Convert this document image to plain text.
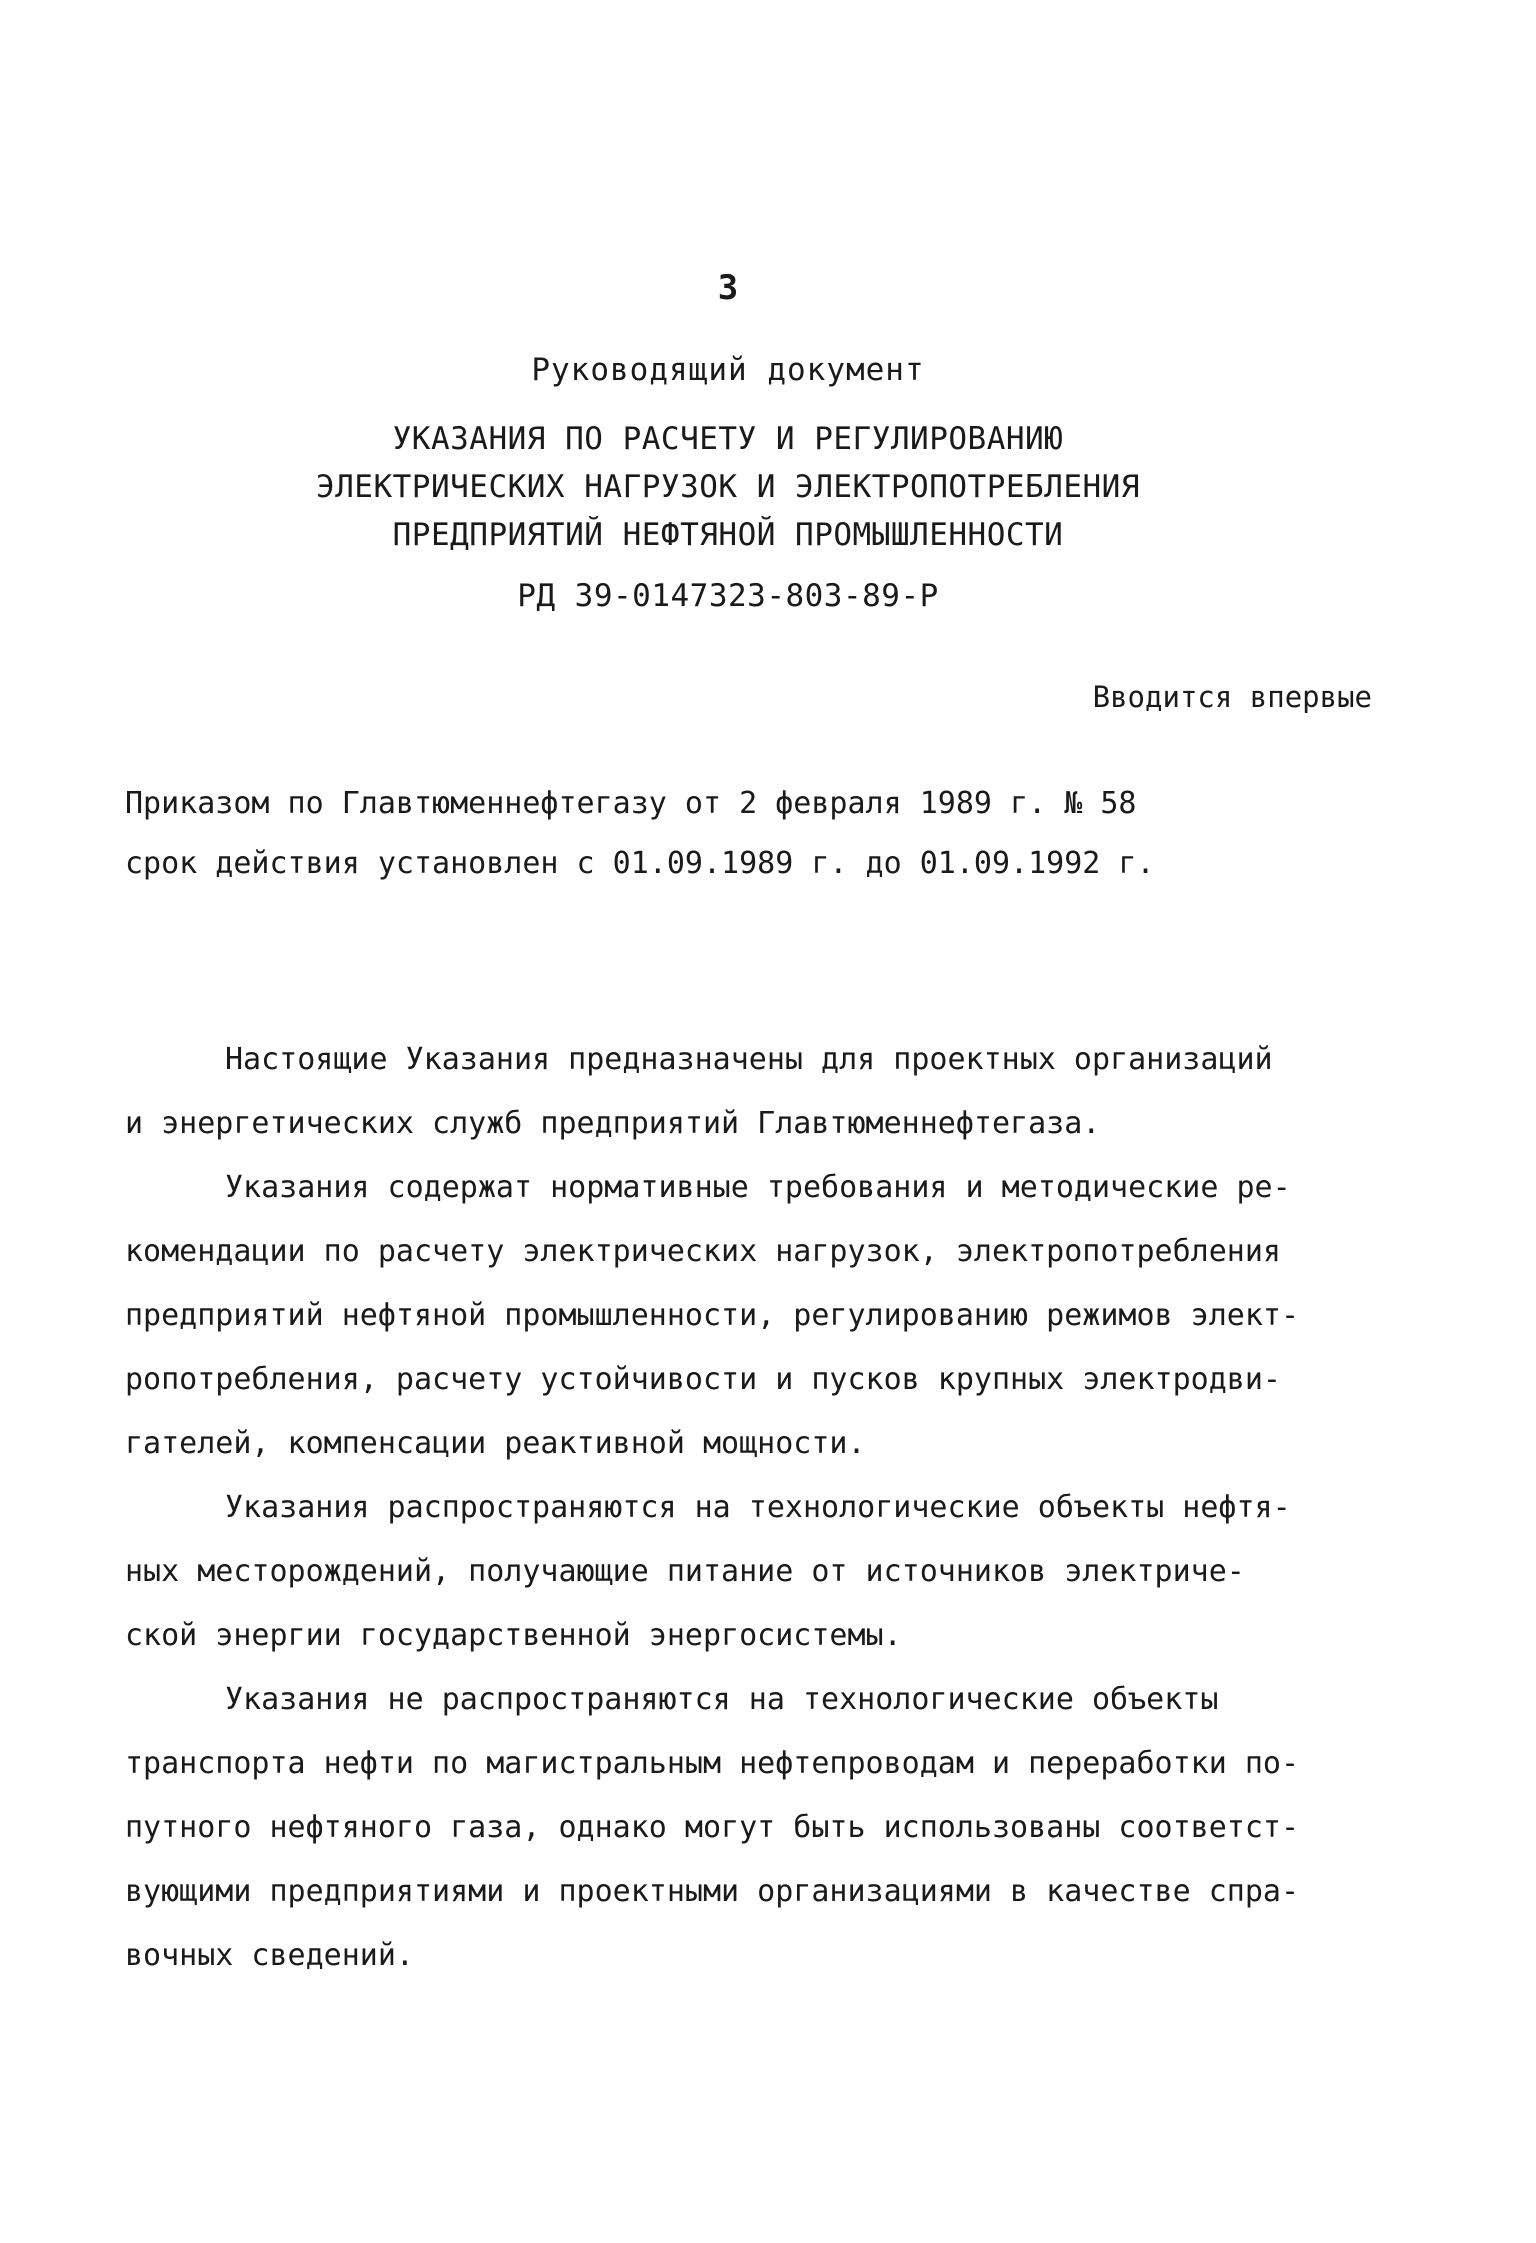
3
Руководящий документ
УКАЗАНИЯ ПО РАСЧЕТУ И РЕГУЛИРОВАНИЮ
ЭЛЕКТРИЧЕСКИХ НАГРУЗОК И ЭЛЕКТРОПОТРЕБЛЕНИЯ
ПРЕДПРИЯТИЙ НЕФТЯНОЙ ПРОМЫШЛЕННОСТИ
РД 39-0147323-803-89-Р
Вводится впервые
Приказом по Главтюменнефтегазу от 2 февраля 1989 г. № 58
срок действия установлен с 01.09.1989 г. до 01.09.1992 г.
Настоящие Указания предназначены для проектных организаций
и энергетических служб предприятий Главтюменнефтегаза.
Указания содержат нормативные требования и методические ре-
комендации по расчету электрических нагрузок, электропотребления
предприятий нефтяной промышленности, регулированию режимов элект-
ропотребления, расчету устойчивости и пусков крупных электродви-
гателей, компенсации реактивной мощности.
Указания распространяются на технологические объекты нефтя-
ных месторождений, получающие питание от источников электриче-
ской энергии государственной энергосистемы.
Указания не распространяются на технологические объекты
транспорта нефти по магистральным нефтепроводам и переработки по-
путного нефтяного газа, однако могут быть использованы соответст-
вующими предприятиями и проектными организациями в качестве спра-
вочных сведений.
